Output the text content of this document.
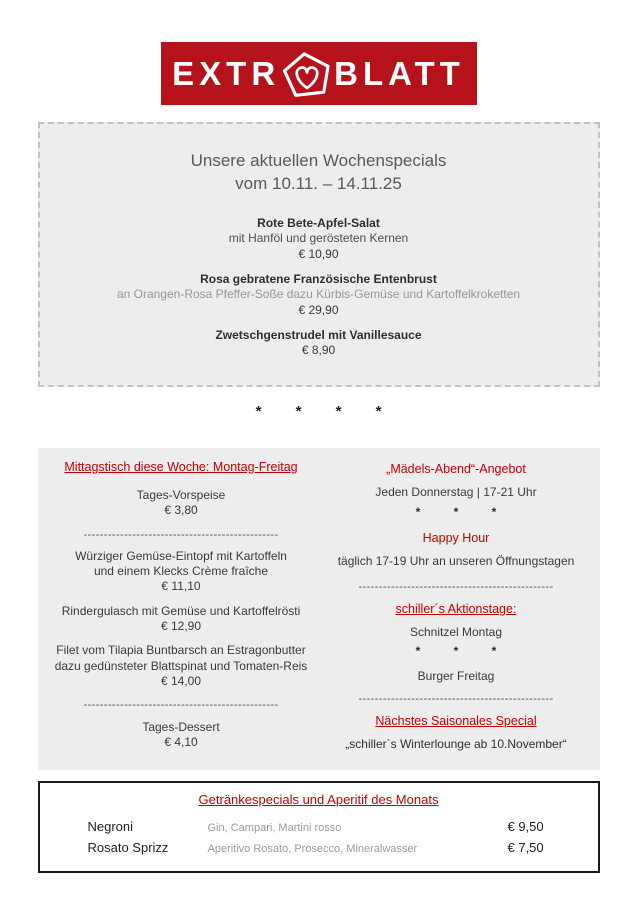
EXTR BLATT
Unsere aktuellen Wochenspecials
vom 10.11. – 14.11.25
Rote Bete-Apfel-Salat
mit Hanföl und gerösteten Kernen
€ 10,90
Rosa gebratene Französische Entenbrust
an Orangen-Rosa Pfeffer-Soße dazu Kürbis-Gemüse und Kartoffelkroketten
€ 29,90
Zwetschgenstrudel mit Vanillesauce
€ 8,90
* * * *
Mittagstisch diese Woche: Montag-Freitag
Tages-Vorspeise
€ 3,80
------------------------------------------------
Würziger Gemüse-Eintopf mit Kartoffeln
und einem Klecks Crème fraîche
€ 11,10
Rindergulasch mit Gemüse und Kartoffelrösti
€ 12,90
Filet vom Tilapia Buntbarsch an Estragonbutter
dazu gedünsteter Blattspinat und Tomaten-Reis
€ 14,00
------------------------------------------------
Tages-Dessert
€ 4,10
„Mädels-Abend“-Angebot
Jeden Donnerstag | 17-21 Uhr
* * *
Happy Hour
täglich 17-19 Uhr an unseren Öffnungstagen
------------------------------------------------
schiller´s Aktionstage:
Schnitzel Montag
* * *
Burger Freitag
------------------------------------------------
Nächstes Saisonales Special
„schiller`s Winterlounge ab 10.November“
Getränkespecials und Aperitif des Monats
Negroni	Gin, Campari, Martini rosso	€ 9,50
Rosato Sprizz	Aperitivo Rosato, Prosecco, Mineralwasser	€ 7,50
